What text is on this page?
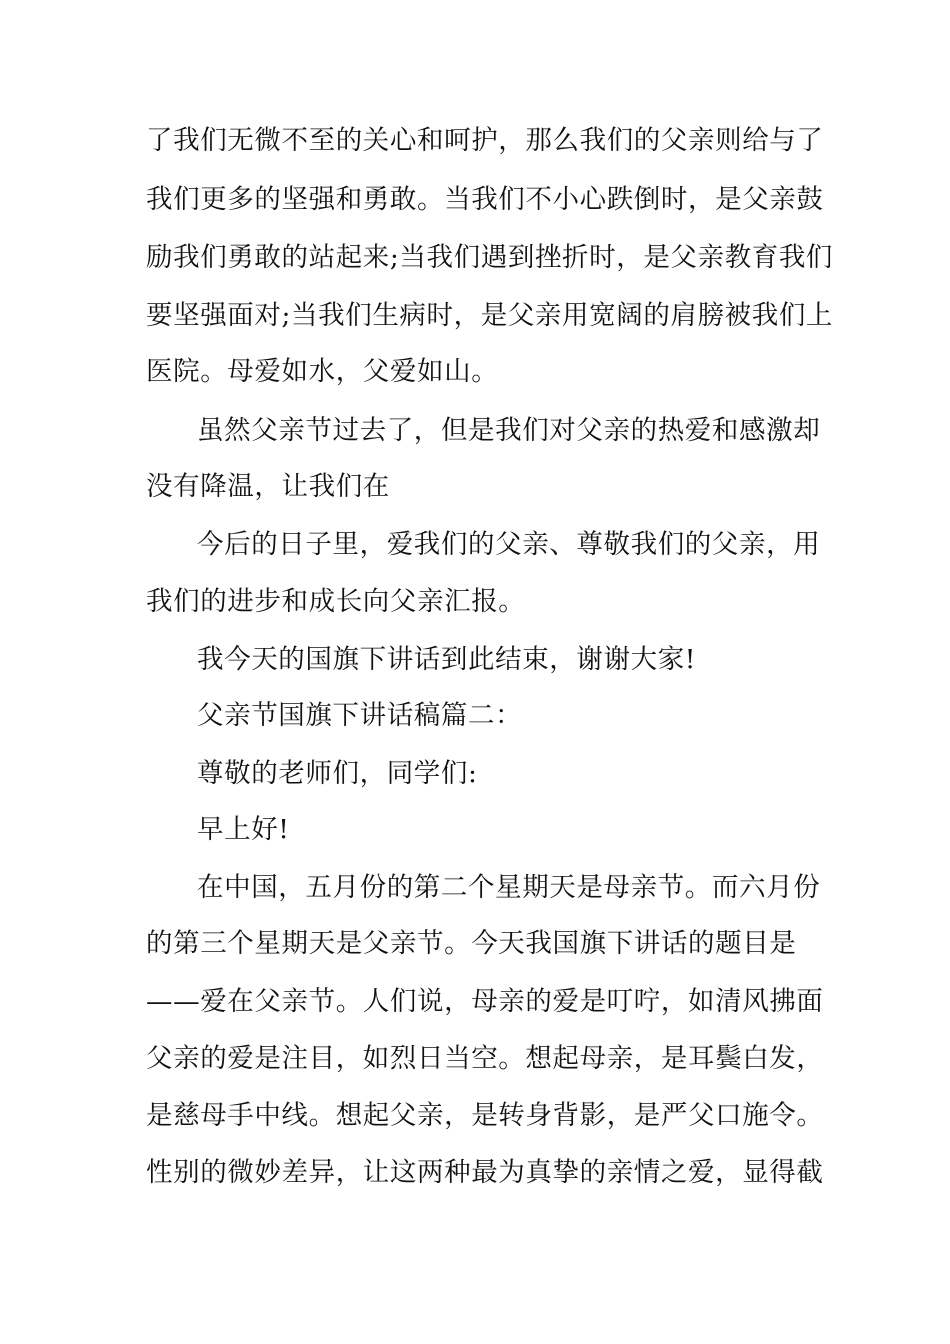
了我们无微不至的关心和呵护，那么我们的父亲则给与了
我们更多的坚强和勇敢。当我们不小心跌倒时，是父亲鼓
励我们勇敢的站起来;当我们遇到挫折时，是父亲教育我们
要坚强面对;当我们生病时，是父亲用宽阔的肩膀被我们上
医院。母爱如水，父爱如山。
虽然父亲节过去了，但是我们对父亲的热爱和感激却
没有降温，让我们在
今后的日子里，爱我们的父亲、尊敬我们的父亲，用
我们的进步和成长向父亲汇报。
我今天的国旗下讲话到此结束，谢谢大家!
父亲节国旗下讲话稿篇二：
尊敬的老师们，同学们:
早上好!
在中国，五月份的第二个星期天是母亲节。而六月份
的第三个星期天是父亲节。今天我国旗下讲话的题目是
——爱在父亲节。人们说，母亲的爱是叮咛，如清风拂面
父亲的爱是注目，如烈日当空。想起母亲，是耳鬓白发，
是慈母手中线。想起父亲，是转身背影，是严父口施令。
性别的微妙差异，让这两种最为真挚的亲情之爱，显得截
